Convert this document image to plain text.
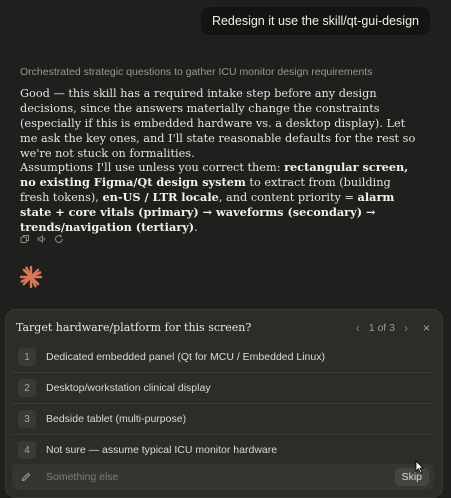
Redesign it use the skill/qt-gui-design
Orchestrated strategic questions to gather ICU monitor design requirements

Good — this skill has a required intake step before any design decisions, since the answers materially change the constraints (especially if this is embedded hardware vs. a desktop display). Let me ask the key ones, and I'll state reasonable defaults for the rest so we're not stuck on formalities.

Assumptions I'll use unless you correct them: rectangular screen, no existing Figma/Qt design system to extract from (building fresh tokens), en-US / LTR locale, and content priority = alarm state + core vitals (primary) → waveforms (secondary) → trends/navigation (tertiary).

Target hardware/platform for this screen?	‹ 1 of 3 › ×
1	Dedicated embedded panel (Qt for MCU / Embedded Linux)
2	Desktop/workstation clinical display
3	Bedside tablet (multi-purpose)
4	Not sure — assume typical ICU monitor hardware
Something else
Skip
